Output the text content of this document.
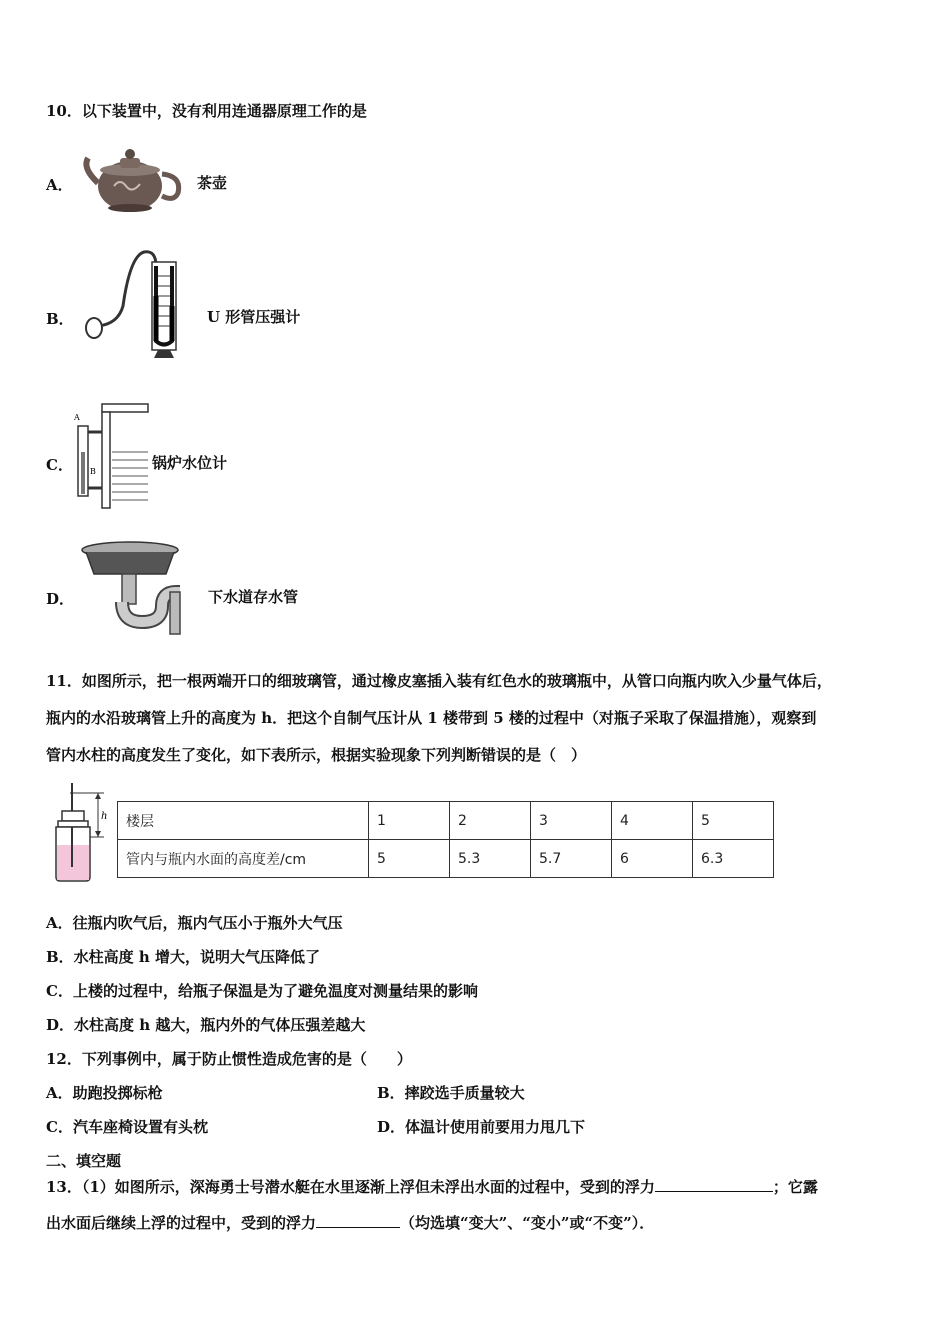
10．以下装置中，没有利用连通器原理工作的是
A．	茶壶
B．	U 形管压强计
C．
A
B	锅炉水位计
D．	下水道存水管
11．如图所示，把一根两端开口的细玻璃管，通过橡皮塞插入装有红色水的玻璃瓶中，从管口向瓶内吹入少量气体后，
瓶内的水沿玻璃管上升的高度为 h．把这个自制气压计从 1 楼带到 5 楼的过程中（对瓶子采取了保温措施），观察到
管内水柱的高度发生了变化，如下表所示，根据实验现象下列判断错误的是（　）
h 楼层	1	2	3	4	5
管内与瓶内水面的高度差/cm	5	5.3	5.7	6	6.3
A．往瓶内吹气后，瓶内气压小于瓶外大气压
B．水柱高度 h 增大，说明大气压降低了
C．上楼的过程中，给瓶子保温是为了避免温度对测量结果的影响
D．水柱高度 h 越大，瓶内外的气体压强差越大
12．下列事例中，属于防止惯性造成危害的是（　　）
A．助跑投掷标枪	B．摔跤选手质量较大
C．汽车座椅设置有头枕	D．体温计使用前要用力甩几下
二、填空题
13．（1）如图所示，深海勇士号潜水艇在水里逐渐上浮但未浮出水面的过程中，受到的浮力	；它露
出水面后继续上浮的过程中，受到的浮力	（均选填“变大”、“变小”或“不变”）．
